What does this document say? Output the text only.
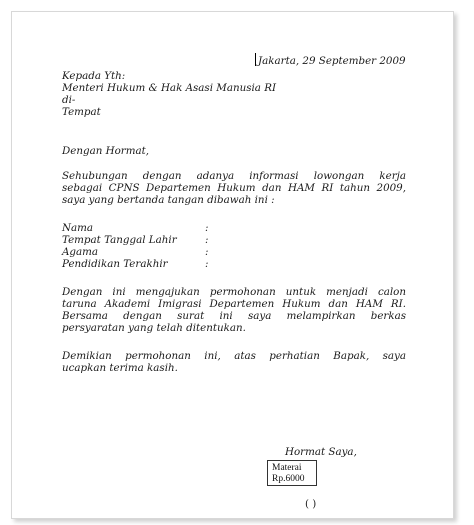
Jakarta, 29 September 2009
Kepada Yth:
Menteri Hukum & Hak Asasi Manusia RI
di-
Tempat
Dengan Hormat,
Sehubungan dengan adanya informasi lowongan kerja
sebagai CPNS Departemen Hukum dan HAM RI tahun 2009,
saya yang bertanda tangan dibawah ini :
Nama	:
Tempat Tanggal Lahir	:
Agama	:
Pendidikan Terakhir	:
Dengan ini mengajukan permohonan untuk menjadi calon
taruna Akademi Imigrasi Departemen Hukum dan HAM RI.
Bersama dengan surat ini saya melampirkan berkas
persyaratan yang telah ditentukan.
Demikian permohonan ini, atas perhatian Bapak, saya
ucapkan terima kasih.
Hormat Saya,
Materai
Rp.6000
( )
